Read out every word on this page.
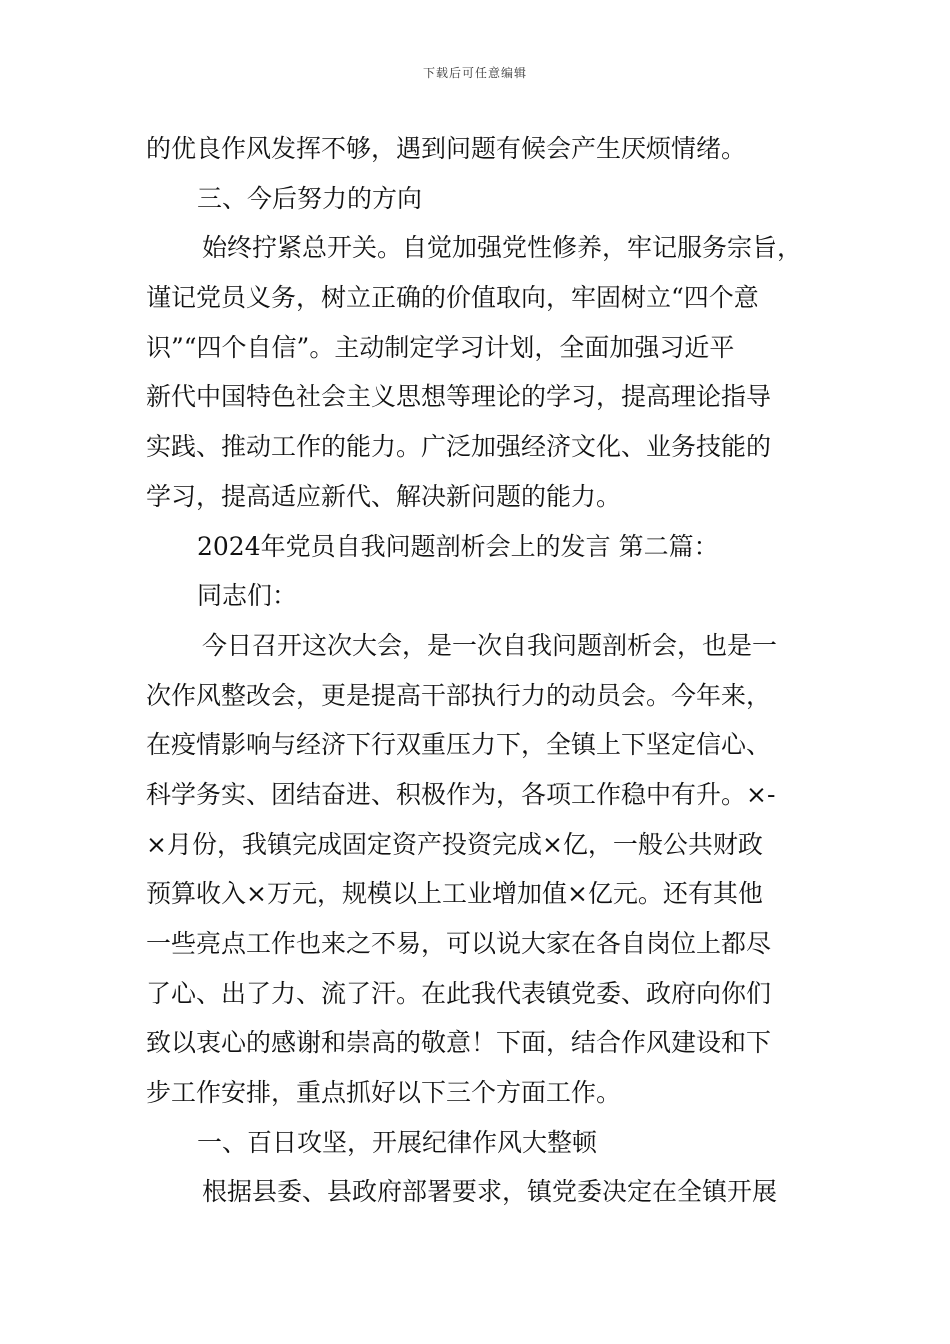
下载后可任意编辑
的优良作风发挥不够，遇到问题有候会产生厌烦情绪。
三、今后努力的方向
始终拧紧总开关。自觉加强党性修养，牢记服务宗旨，
谨记党员义务，树立正确的价值取向，牢固树立“四个意
识”“四个自信”。主动制定学习计划，全面加强习近平
新代中国特色社会主义思想等理论的学习，提高理论指导
实践、推动工作的能力。广泛加强经济文化、业务技能的
学习，提高适应新代、解决新问题的能力。
2024年党员自我问题剖析会上的发言 第二篇：
同志们：
今日召开这次大会，是一次自我问题剖析会，也是一
次作风整改会，更是提高干部执行力的动员会。今年来，
在疫情影响与经济下行双重压力下，全镇上下坚定信心、
科学务实、团结奋进、积极作为，各项工作稳中有升。×-
×月份，我镇完成固定资产投资完成×亿，一般公共财政
预算收入×万元，规模以上工业增加值×亿元。还有其他
一些亮点工作也来之不易，可以说大家在各自岗位上都尽
了心、出了力、流了汗。在此我代表镇党委、政府向你们
致以衷心的感谢和崇高的敬意！下面，结合作风建设和下
步工作安排，重点抓好以下三个方面工作。
一、百日攻坚，开展纪律作风大整顿
根据县委、县政府部署要求，镇党委决定在全镇开展
